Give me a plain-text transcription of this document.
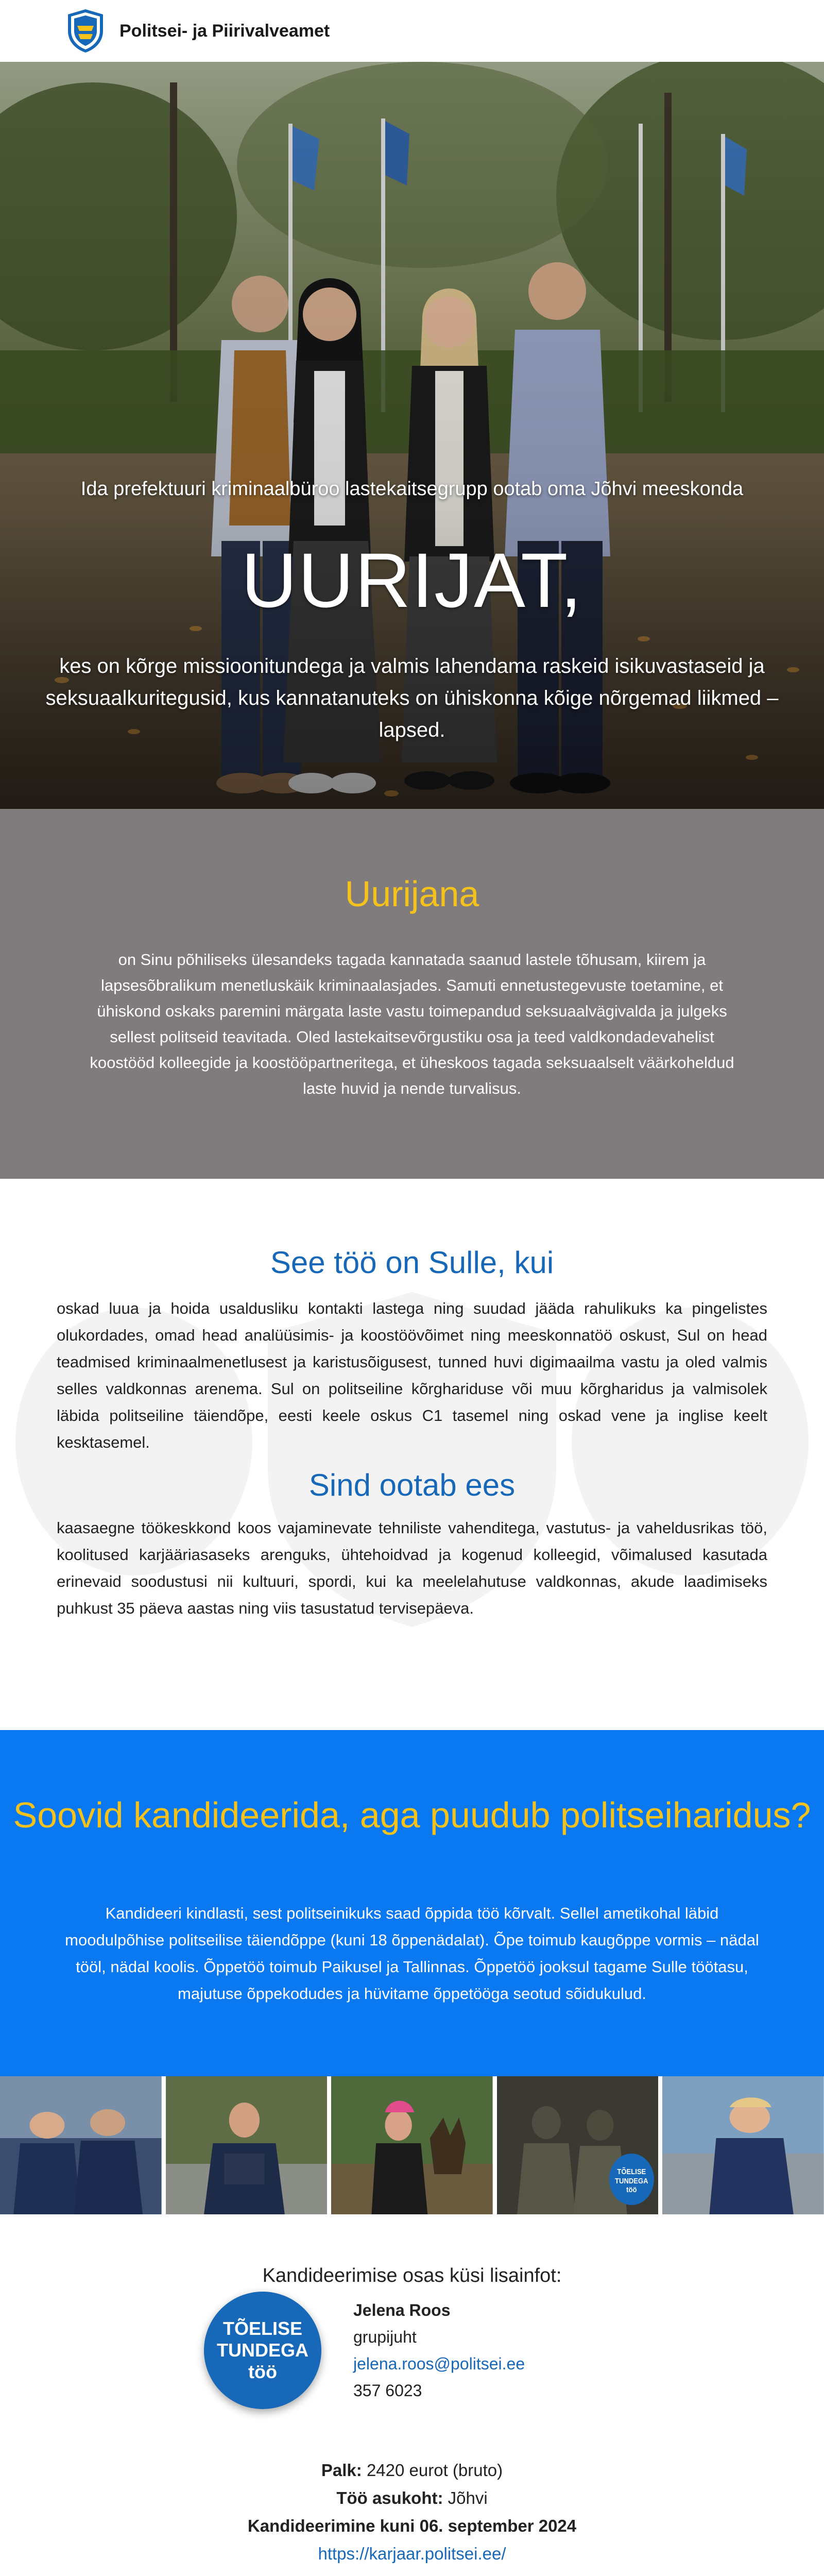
Politsei- ja Piirivalveamet
Ida prefektuuri kriminaalbüroo lastekaitsegrupp ootab oma Jõhvi meeskonda
UURIJAT,
kes on kõrge missioonitundega ja valmis lahendama raskeid isikuvastaseid ja seksuaalkuritegusid, kus kannatanuteks on ühiskonna kõige nõrgemad liikmed – lapsed.
Uurijana

on Sinu põhiliseks ülesandeks tagada kannatada saanud lastele tõhusam, kiirem ja lapsesõbralikum menetluskäik kriminaalasjades. Samuti ennetustegevuste toetamine, et ühiskond oskaks paremini märgata laste vastu toimepandud seksuaalvägivalda ja julgeks sellest politseid teavitada. Oled lastekaitsevõrgustiku osa ja teed valdkondadevahelist koostööd kolleegide ja koostööpartneritega, et üheskoos tagada seksuaalselt väärkoheldud laste huvid ja nende turvalisus.

See töö on Sulle, kui

oskad luua ja hoida usaldusliku kontakti lastega ning suudad jääda rahulikuks ka pingelistes olukordades, omad head analüüsimis- ja koostöövõimet ning meeskonnatöö oskust, Sul on head teadmised kriminaalmenetlusest ja karistusõigusest, tunned huvi digimaailma vastu ja oled valmis selles valdkonnas arenema. Sul on politseiline kõrghariduse või muu kõrgharidus ja valmisolek läbida politseiline täiendõpe, eesti keele oskus C1 tasemel ning oskad vene ja inglise keelt kesktasemel.

Sind ootab ees

kaasaegne töökeskkond koos vajaminevate tehniliste vahenditega, vastutus- ja vaheldusrikas töö, koolitused karjääriasaseks arenguks, ühtehoidvad ja kogenud kolleegid, võimalused kasutada erinevaid soodustusi nii kultuuri, spordi, kui ka meelelahutuse valdkonnas, akude laadimiseks puhkust 35 päeva aastas ning viis tasustatud tervisepäeva.

Soovid kandideerida, aga puudub politseiharidus?

Kandideeri kindlasti, sest politseinikuks saad õppida töö kõrvalt. Sellel ametikohal läbid moodulpõhise politseilise täiendõppe (kuni 18 õppenädalat). Õpe toimub kaugõppe vormis – nädal tööl, nädal koolis. Õppetöö toimub Paikusel ja Tallinnas. Õppetöö jooksul tagame Sulle töötasu, majutuse õppekodudes ja hüvitame õppetööga seotud sõidukulud.

TÕELISE
TUNDEGA
töö
Kandideerimise osas küsi lisainfot:
TÕELISE
TUNDEGA
töö
Jelena Roos
grupijuht
jelena.roos@politsei.ee
357 6023
Palk: 2420 eurot (bruto)
Töö asukoht: Jõhvi
Kandideerimine kuni 06. september 2024
https://karjaar.politsei.ee/
